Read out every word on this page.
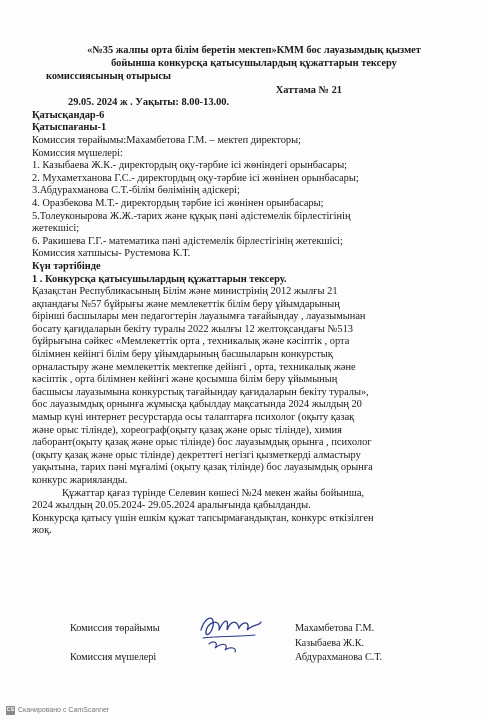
«№35 жалпы орта білім беретін мектеп»КММ бос лауазымдық қызмет
бойынша конкурсқа қатысушылардың құжаттарын тексеру
комиссиясының отырысы
Хаттама № 21
29.05. 2024 ж . Уақыты: 8.00-13.00.
Қатысқандар-6
Қатыспағаны-1
Комиссия төрайымы:Махамбетова Г.М. – мектеп директоры;
Комиссия мүшелері:
1. Казыбаева Ж.К.- директордың оқу-тәрбие ісі жөніндегі орынбасары;
2. Мухаметханова Г.С.- директордың оқу-тәрбие ісі жөнінен орынбасары;
3.Абдурахманова С.Т.-білім бөлімінің әдіскері;
4. Оразбекова М.Т.- директордың тәрбие ісі жөнінен орынбасары;
5.Толеуконырова Ж.Ж.-тарих және құқық пәні әдістемелік бірлестігінің
жетекшісі;
6. Ракишева Г.Г.- математика пәні әдістемелік бірлестігінің жетекшісі;
Комиссия хатшысы- Рустемова К.Т.
Күн тәртібінде
1 . Конкурсқа қатысушылардың құжаттарын тексеру.
Қазақстан Республикасының Білім және министрінің 2012 жылғы 21
ақпандағы №57 бұйрығы және мемлекеттік білім беру ұйымдарының
бірінші басшылары мен педагогтерін лауазымға тағайындау , лауазымынан
босату қағидаларын бекіту туралы 2022 жылғы 12 желтоқсандағы №513
бұйрығына сәйкес «Мемлекеттік орта , техникалық және кәсіптік , орта
білімнен кейінгі білім беру ұйымдарының басшыларын конкурстық
орналастыру және мемлекеттік мектепке дейінгі , орта, техникалық және
кәсіптік , орта білімнен кейінгі және қосымша білім беру ұйымының
басшысы лауазымына конкурстық тағайындау қағидаларын бекіту туралы»,
бос лауазымдық орнынға жұмысқа қабылдау мақсатында 2024 жылдың 20
мамыр күні интернет ресурстарда осы талаптарға психолог (оқыту қазақ
және орыс тілінде), хореограф(оқыту қазақ және орыс тілінде), химия
лаборант(оқыту қазақ және орыс тілінде) бос лауазымдық орынға , психолог
(оқыту қазақ және орыс тілінде) декреттегі негізгі қызметкерді алмастыру
уақытына, тарих пәні мұғалімі (оқыту қазақ тілінде) бос лауазымдық орынға
конкурс жарияланды.
Құжаттар қағаз түрінде Селевин көшесі №24 мекен жайы бойынша,
2024 жылдың 20.05.2024- 29.05.2024 аралығында қабылданды.
Конкурсқа қатысу үшін ешкім құжат тапсырмағандықтан, конкурс өткізілген
жоқ.
Комиссия төрайымы	Махамбетова Г.М.
Казыбаева Ж.К.
Комиссия мүшелері	Абдурахманова С.Т.
CS Сканировано с CamScanner
